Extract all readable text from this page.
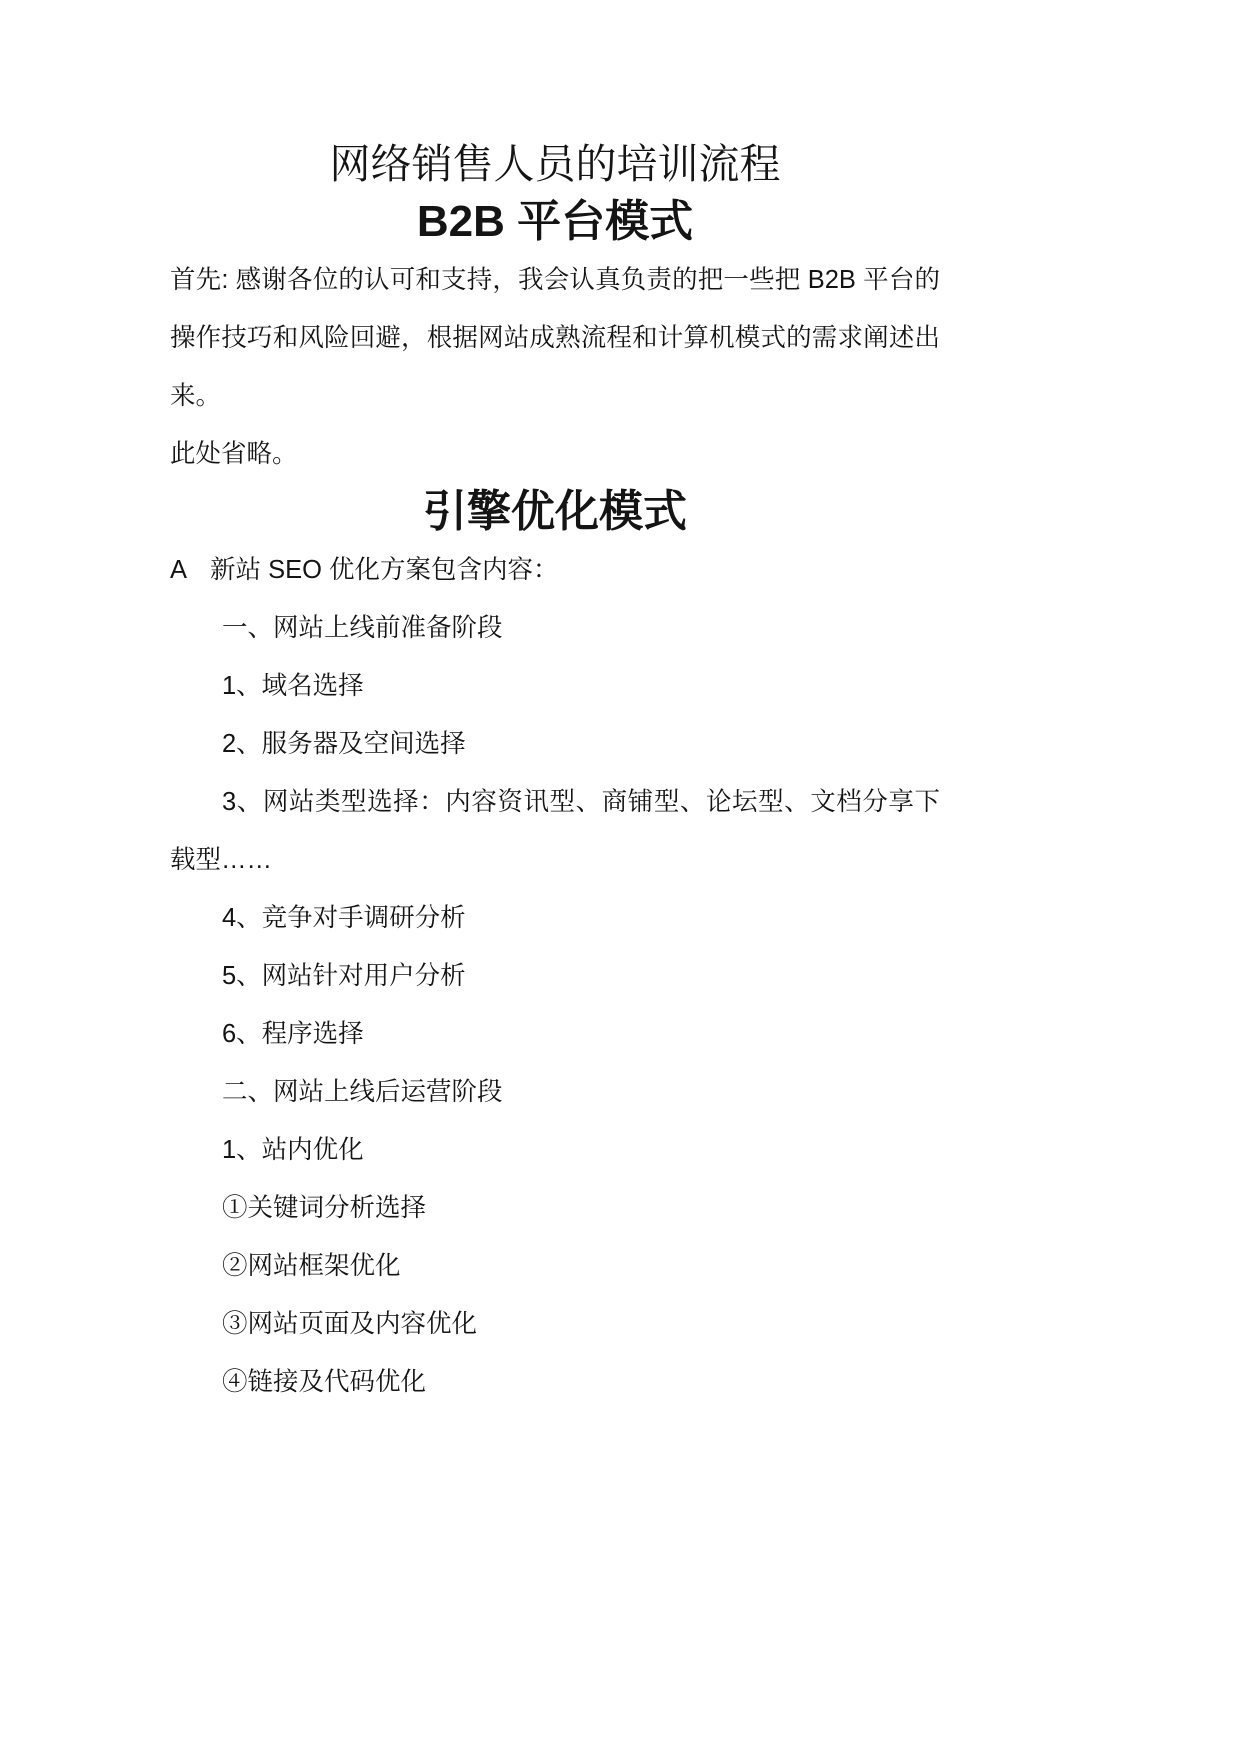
网络销售人员的培训流程
B2B 平台模式

首先: 感谢各位的认可和支持，我会认真负责的把一些把 B2B 平台的

操作技巧和风险回避，根据网站成熟流程和计算机模式的需求阐述出

来。

此处省略。

引擎优化模式

A 新站 SEO 优化方案包含内容：

一、网站上线前准备阶段

1、域名选择

2、服务器及空间选择

3、网站类型选择：内容资讯型、商铺型、论坛型、文档分享下

载型……

4、竞争对手调研分析

5、网站针对用户分析

6、程序选择

二、网站上线后运营阶段

1、站内优化

①关键词分析选择

②网站框架优化

③网站页面及内容优化

④链接及代码优化
